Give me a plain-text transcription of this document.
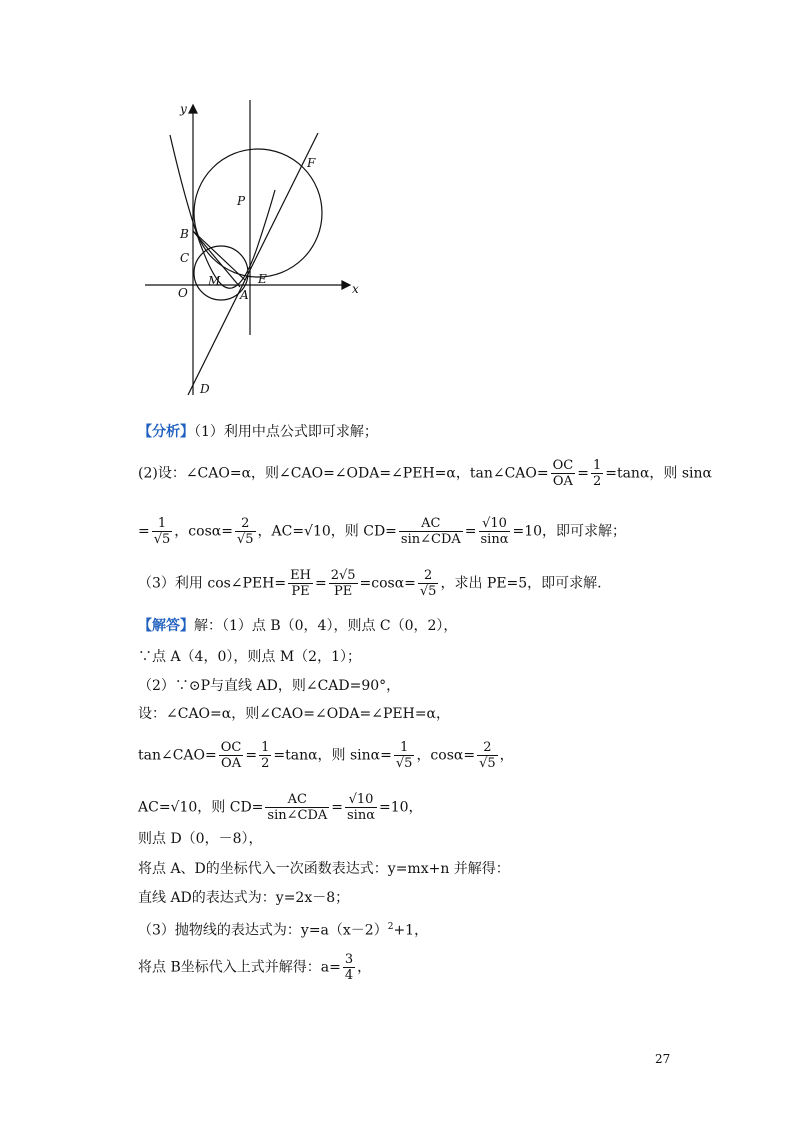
y
x
O
B
C
M	E
A
P
F
D
【分析】（1）利用中点公式即可求解；
(2)设：∠CAO=α，则∠CAO=∠ODA=∠PEH=α，tan∠CAO= $\frac{OC}{OA} = \frac{1}{2} =\tan\alpha$，则 sinα
= $\frac{1}{√5}$ ，$\cos\alpha= \frac{2}{√5}$ ，AC=√10，则 $CD= \frac{AC}{\text{sin∠CDA}} = \frac{√10}{\sin\alpha} =10$，即可求解；
（3）利用 cos∠PEH= $\frac{EH}{PE} = \frac{2√5}{PE} =\cos\alpha= \frac{2}{√5}$ ，求出 PE=5，即可求解.
【解答】解：（1）点 B（0，4），则点 C（0，2），
∵点 A（4，0），则点 M（2，1）；
（2）∵⊙P与直线 AD，则∠CAD=90°，
设：∠CAO=α，则∠CAO=∠ODA=∠PEH=α，
tan∠CAO= $\frac{OC}{OA} = \frac{1}{2} =\tan\alpha$，则 $\sin\alpha= \frac{1}{√5}$ ，$\cos\alpha= \frac{2}{√5}$ ，
AC=√10，则 $CD= \frac{AC}{\text{sin∠CDA}} = \frac{√10}{\sin\alpha} =10$，
则点 D（0，－8），
将点 A、D的坐标代入一次函数表达式：y=mx+n 并解得：
直线 AD的表达式为：y=2x－8；
（3）抛物线的表达式为：$y=a(x-2)^2+1$，
将点 B坐标代入上式并解得：$a= \frac{3}{4}$ ，
27
